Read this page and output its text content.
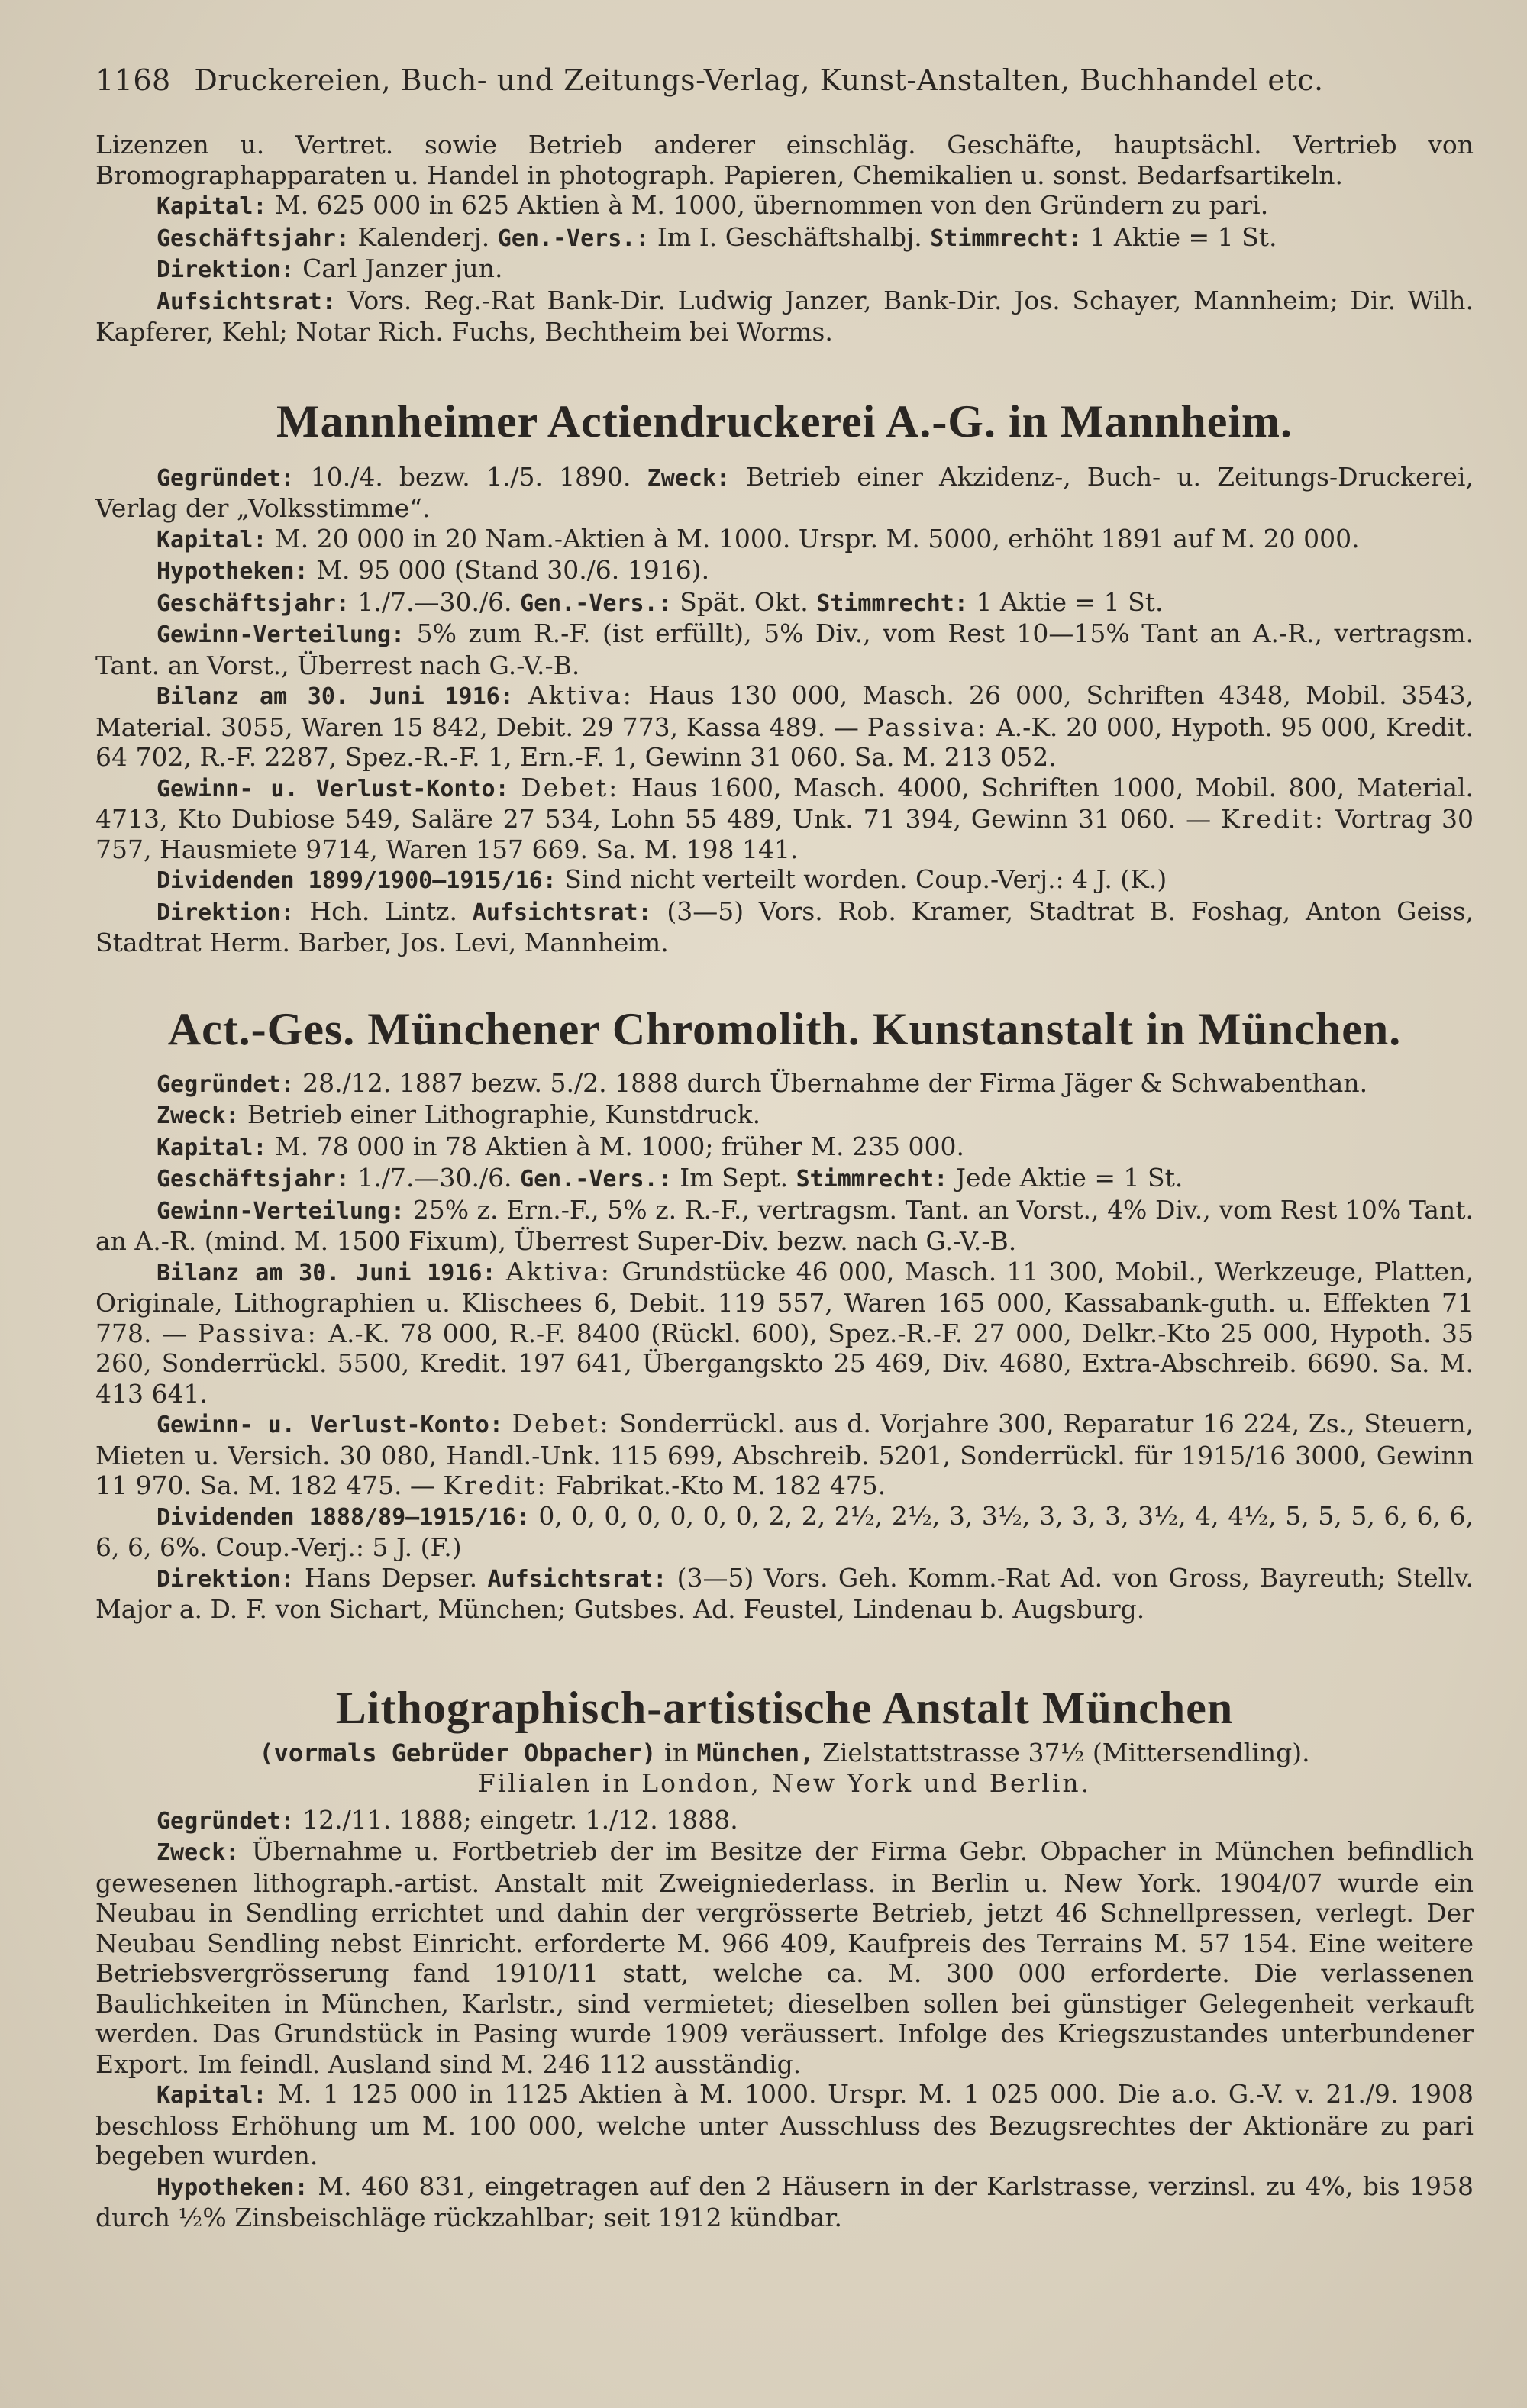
1168 Druckereien, Buch- und Zeitungs-Verlag, Kunst-Anstalten, Buchhandel etc.

Lizenzen u. Vertret. sowie Betrieb anderer einschläg. Geschäfte, hauptsächl. Vertrieb von Bromographapparaten u. Handel in photograph. Papieren, Chemikalien u. sonst. Bedarfsartikeln.

Kapital: M. 625 000 in 625 Aktien à M. 1000, übernommen von den Gründern zu pari.

Geschäftsjahr: Kalenderj. Gen.-Vers.: Im I. Geschäftshalbj. Stimmrecht: 1 Aktie = 1 St.

Direktion: Carl Janzer jun.

Aufsichtsrat: Vors. Reg.-Rat Bank-Dir. Ludwig Janzer, Bank-Dir. Jos. Schayer, Mannheim; Dir. Wilh. Kapferer, Kehl; Notar Rich. Fuchs, Bechtheim bei Worms.

Mannheimer Actiendruckerei A.-G. in Mannheim.

Gegründet: 10./4. bezw. 1./5. 1890. Zweck: Betrieb einer Akzidenz-, Buch- u. Zeitungs-Druckerei, Verlag der „Volksstimme“.

Kapital: M. 20 000 in 20 Nam.-Aktien à M. 1000. Urspr. M. 5000, erhöht 1891 auf M. 20 000.

Hypotheken: M. 95 000 (Stand 30./6. 1916).

Geschäftsjahr: 1./7.—30./6. Gen.-Vers.: Spät. Okt. Stimmrecht: 1 Aktie = 1 St.

Gewinn-Verteilung: 5% zum R.-F. (ist erfüllt), 5% Div., vom Rest 10—15% Tant an A.-R., vertragsm. Tant. an Vorst., Überrest nach G.-V.-B.

Bilanz am 30. Juni 1916: Aktiva: Haus 130 000, Masch. 26 000, Schriften 4348, Mobil. 3543, Material. 3055, Waren 15 842, Debit. 29 773, Kassa 489. — Passiva: A.-K. 20 000, Hypoth. 95 000, Kredit. 64 702, R.-F. 2287, Spez.-R.-F. 1, Ern.-F. 1, Gewinn 31 060. Sa. M. 213 052.

Gewinn- u. Verlust-Konto: Debet: Haus 1600, Masch. 4000, Schriften 1000, Mobil. 800, Material. 4713, Kto Dubiose 549, Saläre 27 534, Lohn 55 489, Unk. 71 394, Gewinn 31 060. — Kredit: Vortrag 30 757, Hausmiete 9714, Waren 157 669. Sa. M. 198 141.

Dividenden 1899/1900—1915/16: Sind nicht verteilt worden. Coup.-Verj.: 4 J. (K.)

Direktion: Hch. Lintz. Aufsichtsrat: (3—5) Vors. Rob. Kramer, Stadtrat B. Foshag, Anton Geiss, Stadtrat Herm. Barber, Jos. Levi, Mannheim.

Act.-Ges. Münchener Chromolith. Kunstanstalt in München.

Gegründet: 28./12. 1887 bezw. 5./2. 1888 durch Übernahme der Firma Jäger & Schwabenthan.

Zweck: Betrieb einer Lithographie, Kunstdruck.

Kapital: M. 78 000 in 78 Aktien à M. 1000; früher M. 235 000.

Geschäftsjahr: 1./7.—30./6. Gen.-Vers.: Im Sept. Stimmrecht: Jede Aktie = 1 St.

Gewinn-Verteilung: 25% z. Ern.-F., 5% z. R.-F., vertragsm. Tant. an Vorst., 4% Div., vom Rest 10% Tant. an A.-R. (mind. M. 1500 Fixum), Überrest Super-Div. bezw. nach G.-V.-B.

Bilanz am 30. Juni 1916: Aktiva: Grundstücke 46 000, Masch. 11 300, Mobil., Werkzeuge, Platten, Originale, Lithographien u. Klischees 6, Debit. 119 557, Waren 165 000, Kassabank-guth. u. Effekten 71 778. — Passiva: A.-K. 78 000, R.-F. 8400 (Rückl. 600), Spez.-R.-F. 27 000, Delkr.-Kto 25 000, Hypoth. 35 260, Sonderrückl. 5500, Kredit. 197 641, Übergangskto 25 469, Div. 4680, Extra-Abschreib. 6690. Sa. M. 413 641.

Gewinn- u. Verlust-Konto: Debet: Sonderrückl. aus d. Vorjahre 300, Reparatur 16 224, Zs., Steuern, Mieten u. Versich. 30 080, Handl.-Unk. 115 699, Abschreib. 5201, Sonderrückl. für 1915/16 3000, Gewinn 11 970. Sa. M. 182 475. — Kredit: Fabrikat.-Kto M. 182 475.

Dividenden 1888/89—1915/16: 0, 0, 0, 0, 0, 0, 0, 2, 2, 2½, 2½, 3, 3½, 3, 3, 3, 3½, 4, 4½, 5, 5, 5, 6, 6, 6, 6, 6, 6%. Coup.-Verj.: 5 J. (F.)

Direktion: Hans Depser. Aufsichtsrat: (3—5) Vors. Geh. Komm.-Rat Ad. von Gross, Bayreuth; Stellv. Major a. D. F. von Sichart, München; Gutsbes. Ad. Feustel, Lindenau b. Augsburg.

Lithographisch-artistische Anstalt München

(vormals Gebrüder Obpacher) in München, Zielstattstrasse 37½ (Mittersendling).

Filialen in London, New York und Berlin.

Gegründet: 12./11. 1888; eingetr. 1./12. 1888.

Zweck: Übernahme u. Fortbetrieb der im Besitze der Firma Gebr. Obpacher in München befindlich gewesenen lithograph.-artist. Anstalt mit Zweigniederlass. in Berlin u. New York. 1904/07 wurde ein Neubau in Sendling errichtet und dahin der vergrösserte Betrieb, jetzt 46 Schnellpressen, verlegt. Der Neubau Sendling nebst Einricht. erforderte M. 966 409, Kaufpreis des Terrains M. 57 154. Eine weitere Betriebsvergrösserung fand 1910/11 statt, welche ca. M. 300 000 erforderte. Die verlassenen Baulichkeiten in München, Karlstr., sind vermietet; dieselben sollen bei günstiger Gelegenheit verkauft werden. Das Grundstück in Pasing wurde 1909 veräussert. Infolge des Kriegszustandes unterbundener Export. Im feindl. Ausland sind M. 246 112 ausständig.

Kapital: M. 1 125 000 in 1125 Aktien à M. 1000. Urspr. M. 1 025 000. Die a.o. G.-V. v. 21./9. 1908 beschloss Erhöhung um M. 100 000, welche unter Ausschluss des Bezugsrechtes der Aktionäre zu pari begeben wurden.

Hypotheken: M. 460 831, eingetragen auf den 2 Häusern in der Karlstrasse, verzinsl. zu 4%, bis 1958 durch ½% Zinsbeischläge rückzahlbar; seit 1912 kündbar.
